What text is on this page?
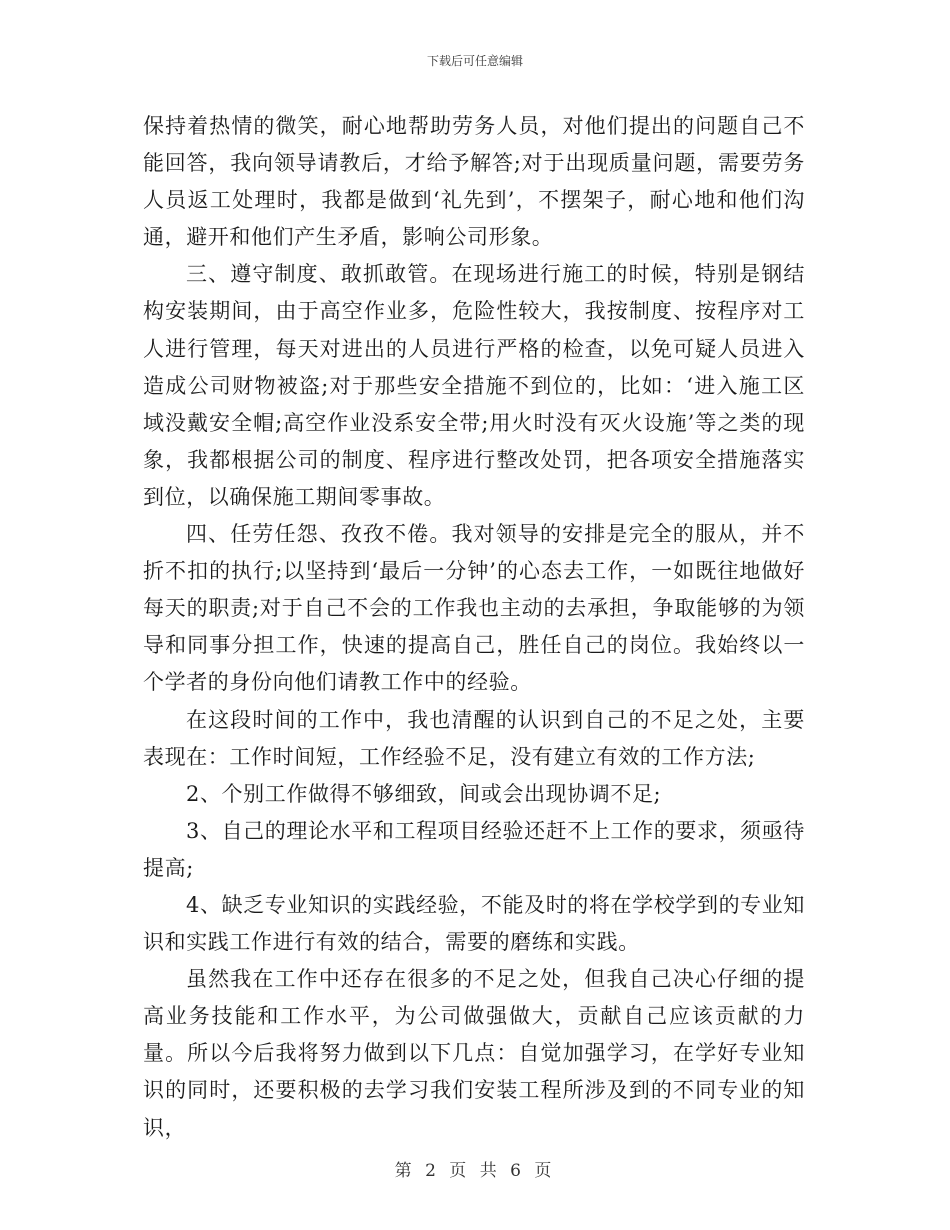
下载后可任意编辑

保持着热情的微笑，耐心地帮助劳务人员，对他们提出的问题自己不能回答，我向领导请教后，才给予解答;对于出现质量问题，需要劳务人员返工处理时，我都是做到‘礼先到’，不摆架子，耐心地和他们沟通，避开和他们产生矛盾，影响公司形象。

三、遵守制度、敢抓敢管。在现场进行施工的时候，特别是钢结构安装期间，由于高空作业多，危险性较大，我按制度、按程序对工人进行管理，每天对进出的人员进行严格的检查，以免可疑人员进入造成公司财物被盗;对于那些安全措施不到位的，比如：‘进入施工区域没戴安全帽;高空作业没系安全带;用火时没有灭火设施’等之类的现象，我都根据公司的制度、程序进行整改处罚，把各项安全措施落实到位，以确保施工期间零事故。

四、任劳任怨、孜孜不倦。我对领导的安排是完全的服从，并不折不扣的执行;以坚持到‘最后一分钟’的心态去工作，一如既往地做好每天的职责;对于自己不会的工作我也主动的去承担，争取能够的为领导和同事分担工作，快速的提高自己，胜任自己的岗位。我始终以一个学者的身份向他们请教工作中的经验。

在这段时间的工作中，我也清醒的认识到自己的不足之处，主要表现在：工作时间短，工作经验不足，没有建立有效的工作方法;

2、个别工作做得不够细致，间或会出现协调不足;

3、自己的理论水平和工程项目经验还赶不上工作的要求，须亟待提高;

4、缺乏专业知识的实践经验，不能及时的将在学校学到的专业知识和实践工作进行有效的结合，需要的磨练和实践。

虽然我在工作中还存在很多的不足之处，但我自己决心仔细的提高业务技能和工作水平，为公司做强做大，贡献自己应该贡献的力量。所以今后我将努力做到以下几点：自觉加强学习，在学好专业知识的同时，还要积极的去学习我们安装工程所涉及到的不同专业的知识，

第 2 页 共 6 页
